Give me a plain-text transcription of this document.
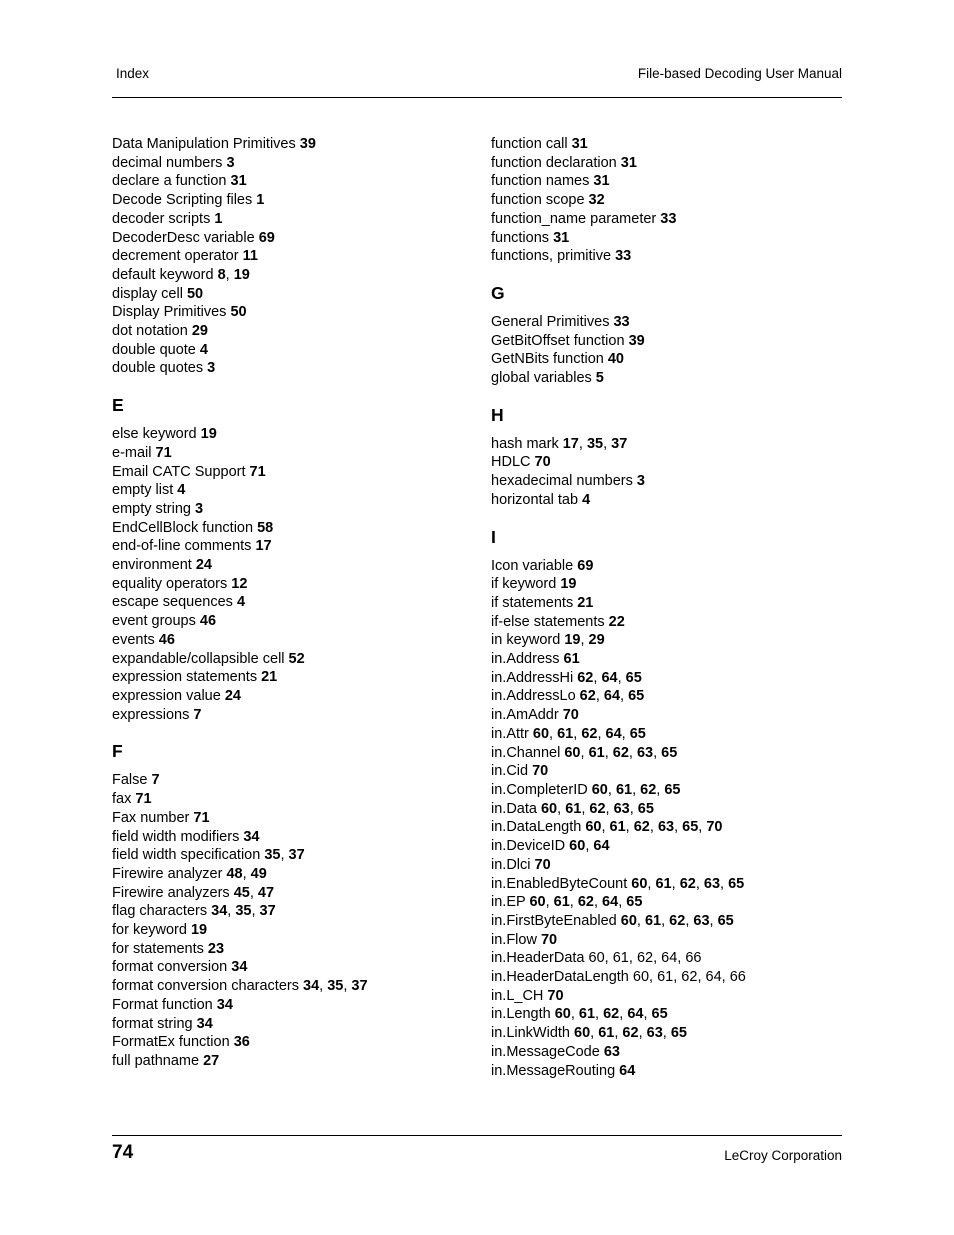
Index	File-based Decoding User Manual
Data Manipulation Primitives 39
decimal numbers 3
declare a function 31
Decode Scripting files 1
decoder scripts 1
DecoderDesc variable 69
decrement operator 11
default keyword 8, 19
display cell 50
Display Primitives 50
dot notation 29
double quote 4
double quotes 3
E
else keyword 19
e-mail 71
Email CATC Support 71
empty list 4
empty string 3
EndCellBlock function 58
end-of-line comments 17
environment 24
equality operators 12
escape sequences 4
event groups 46
events 46
expandable/collapsible cell 52
expression statements 21
expression value 24
expressions 7
F
False 7
fax 71
Fax number 71
field width modifiers 34
field width specification 35, 37
Firewire analyzer 48, 49
Firewire analyzers 45, 47
flag characters 34, 35, 37
for keyword 19
for statements 23
format conversion 34
format conversion characters 34, 35, 37
Format function 34
format string 34
FormatEx function 36
full pathname 27
function call 31
function declaration 31
function names 31
function scope 32
function_name parameter 33
functions 31
functions, primitive 33
G
General Primitives 33
GetBitOffset function 39
GetNBits function 40
global variables 5
H
hash mark 17, 35, 37
HDLC 70
hexadecimal numbers 3
horizontal tab 4
I
Icon variable 69
if keyword 19
if statements 21
if-else statements 22
in keyword 19, 29
in.Address 61
in.AddressHi 62, 64, 65
in.AddressLo 62, 64, 65
in.AmAddr 70
in.Attr 60, 61, 62, 64, 65
in.Channel 60, 61, 62, 63, 65
in.Cid 70
in.CompleterID 60, 61, 62, 65
in.Data 60, 61, 62, 63, 65
in.DataLength 60, 61, 62, 63, 65, 70
in.DeviceID 60, 64
in.Dlci 70
in.EnabledByteCount 60, 61, 62, 63, 65
in.EP 60, 61, 62, 64, 65
in.FirstByteEnabled 60, 61, 62, 63, 65
in.Flow 70
in.HeaderData 60, 61, 62, 64, 66
in.HeaderDataLength 60, 61, 62, 64, 66
in.L_CH 70
in.Length 60, 61, 62, 64, 65
in.LinkWidth 60, 61, 62, 63, 65
in.MessageCode 63
in.MessageRouting 64
74	LeCroy Corporation
